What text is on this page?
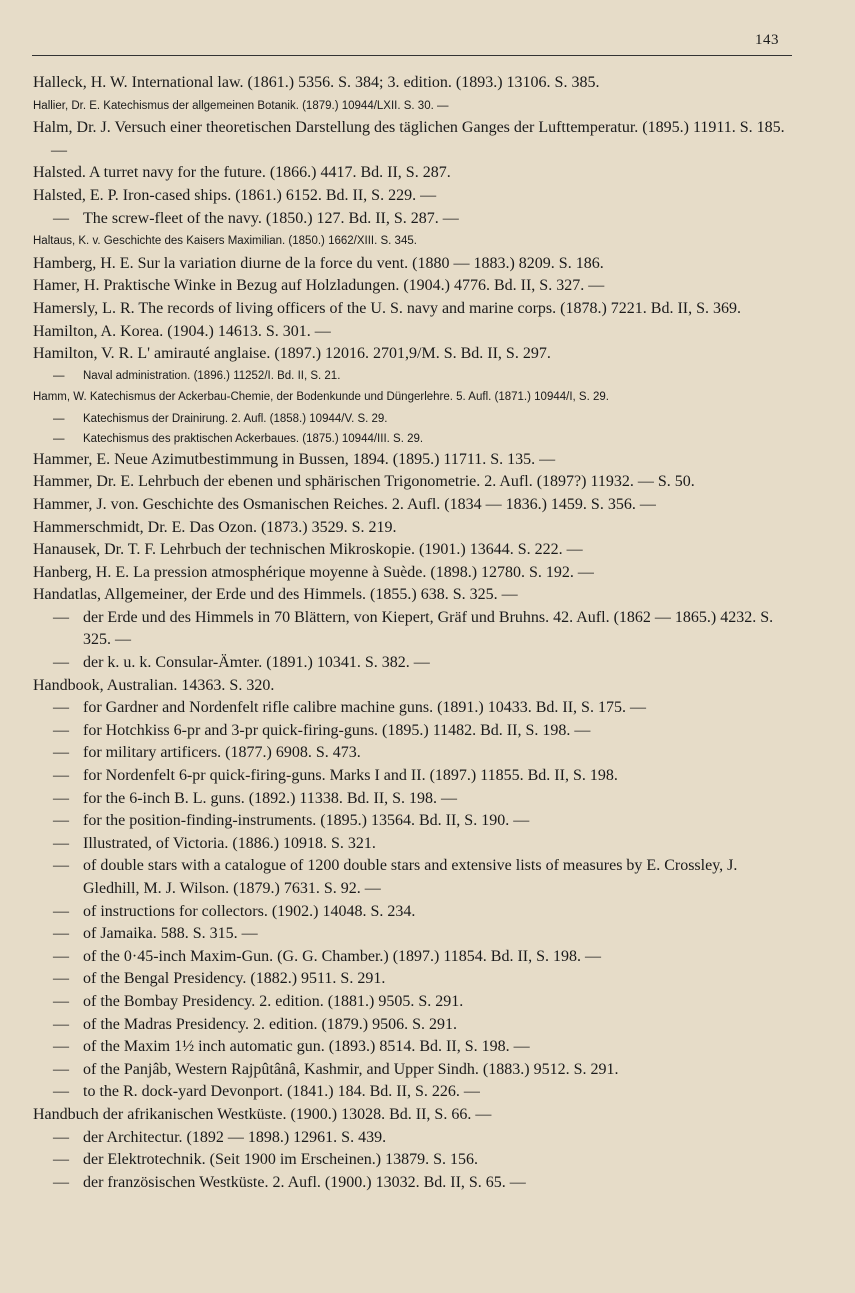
143
Halleck, H. W. International law. (1861.) 5356. S. 384; 3. edition. (1893.) 13106. S. 385.
Hallier, Dr. E. Katechismus der allgemeinen Botanik. (1879.) 10944/LXII. S. 30. —
Halm, Dr. J. Versuch einer theoretischen Darstellung des täglichen Ganges der Lufttemperatur. (1895.) 11911. S. 185. —
Halsted. A turret navy for the future. (1866.) 4417. Bd. II, S. 287.
Halsted, E. P. Iron-cased ships. (1861.) 6152. Bd. II, S. 229. —
— The screw-fleet of the navy. (1850.) 127. Bd. II, S. 287. —
Haltaus, K. v. Geschichte des Kaisers Maximilian. (1850.) 1662/XIII. S. 345.
Hamberg, H. E. Sur la variation diurne de la force du vent. (1880 — 1883.) 8209. S. 186.
Hamer, H. Praktische Winke in Bezug auf Holzladungen. (1904.) 4776. Bd. II, S. 327. —
Hamersly, L. R. The records of living officers of the U. S. navy and marine corps. (1878.) 7221. Bd. II, S. 369.
Hamilton, A. Korea. (1904.) 14613. S. 301. —
Hamilton, V. R. L' amirauté anglaise. (1897.) 12016. 2701,9/M. S. Bd. II, S. 297.
—	Naval administration. (1896.) 11252/I. Bd. II, S. 21.
Hamm, W. Katechismus der Ackerbau-Chemie, der Bodenkunde und Düngerlehre. 5. Aufl. (1871.) 10944/I, S. 29.
—	Katechismus der Drainirung. 2. Aufl. (1858.) 10944/V. S. 29.
—	Katechismus des praktischen Ackerbaues. (1875.) 10944/III. S. 29.
Hammer, E. Neue Azimutbestimmung in Bussen, 1894. (1895.) 11711. S. 135. —
Hammer, Dr. E. Lehrbuch der ebenen und sphärischen Trigonometrie. 2. Aufl. (1897?) 11932. — S. 50.
Hammer, J. von. Geschichte des Osmanischen Reiches. 2. Aufl. (1834 — 1836.) 1459. S. 356. —
Hammerschmidt, Dr. E. Das Ozon. (1873.) 3529. S. 219.
Hanausek, Dr. T. F. Lehrbuch der technischen Mikroskopie. (1901.) 13644. S. 222. —
Hanberg, H. E. La pression atmosphérique moyenne à Suède. (1898.) 12780. S. 192. —
Handatlas, Allgemeiner, der Erde und des Himmels. (1855.) 638. S. 325. —
— der Erde und des Himmels in 70 Blättern, von Kiepert, Gräf und Bruhns. 42. Aufl. (1862 — 1865.) 4232. S. 325. —
— der k. u. k. Consular-Ämter. (1891.) 10341. S. 382. —
Handbook, Australian. 14363. S. 320.
— for Gardner and Nordenfelt rifle calibre machine guns. (1891.) 10433. Bd. II, S. 175. —
— for Hotchkiss 6-pr and 3-pr quick-firing-guns. (1895.) 11482. Bd. II, S. 198. —
— for military artificers. (1877.) 6908. S. 473.
— for Nordenfelt 6-pr quick-firing-guns. Marks I and II. (1897.) 11855. Bd. II, S. 198.
— for the 6-inch B. L. guns. (1892.) 11338. Bd. II, S. 198. —
— for the position-finding-instruments. (1895.) 13564. Bd. II, S. 190. —
— Illustrated, of Victoria. (1886.) 10918. S. 321.
— of double stars with a catalogue of 1200 double stars and extensive lists of measures by E. Crossley, J. Gledhill, M. J. Wilson. (1879.) 7631. S. 92. —
— of instructions for collectors. (1902.) 14048. S. 234.
— of Jamaika. 588. S. 315. —
— of the 0·45-inch Maxim-Gun. (G. G. Chamber.) (1897.) 11854. Bd. II, S. 198. —
— of the Bengal Presidency. (1882.) 9511. S. 291.
— of the Bombay Presidency. 2. edition. (1881.) 9505. S. 291.
— of the Madras Presidency. 2. edition. (1879.) 9506. S. 291.
— of the Maxim 1½ inch automatic gun. (1893.) 8514. Bd. II, S. 198. —
— of the Panjâb, Western Rajpûtânâ, Kashmir, and Upper Sindh. (1883.) 9512. S. 291.
— to the R. dock-yard Devonport. (1841.) 184. Bd. II, S. 226. —
Handbuch der afrikanischen Westküste. (1900.) 13028. Bd. II, S. 66. —
— der Architectur. (1892 — 1898.) 12961. S. 439.
— der Elektrotechnik. (Seit 1900 im Erscheinen.) 13879. S. 156.
— der französischen Westküste. 2. Aufl. (1900.) 13032. Bd. II, S. 65. —
